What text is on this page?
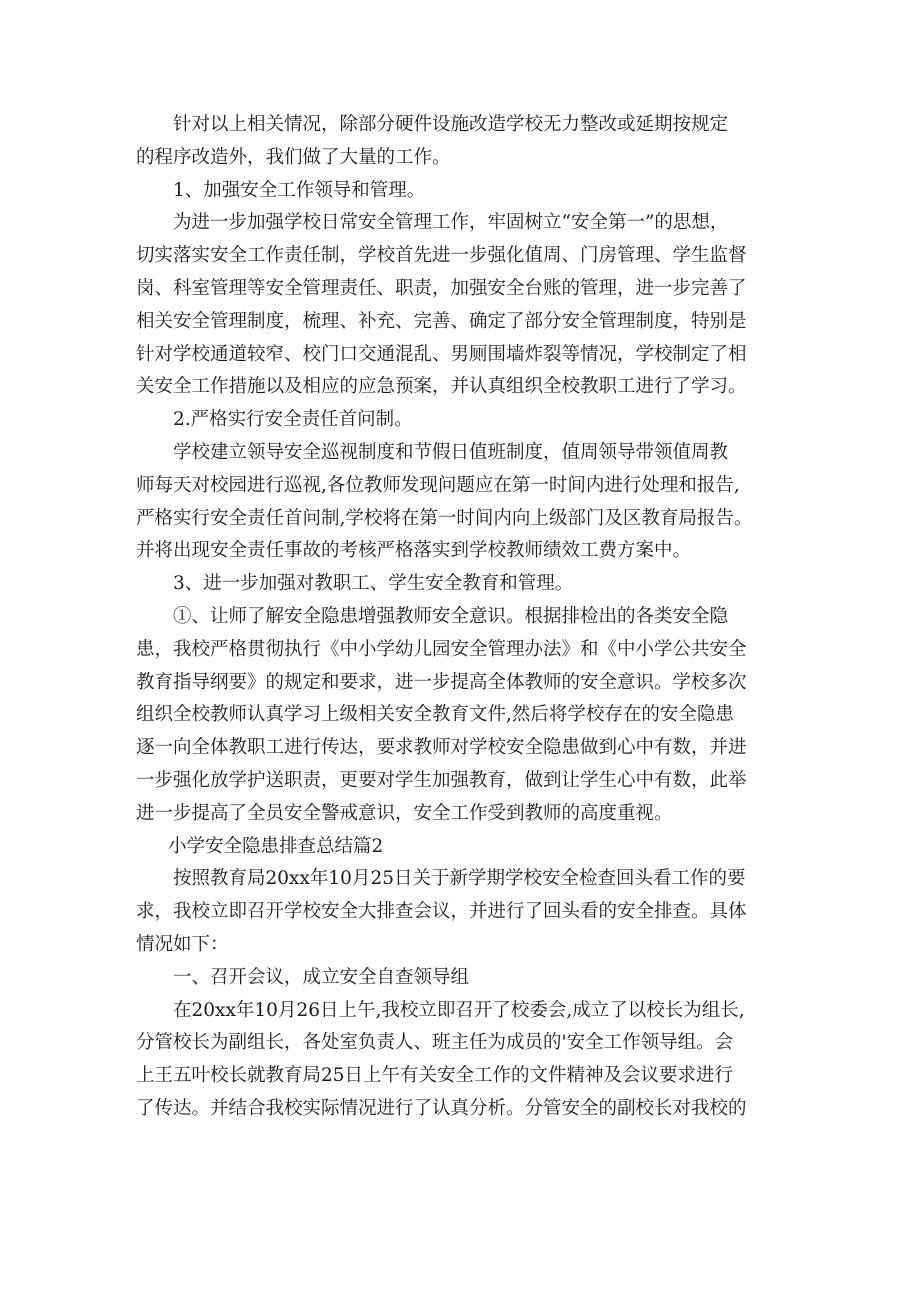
针对以上相关情况，除部分硬件设施改造学校无力整改或延期按规定
的程序改造外，我们做了大量的工作。
1、加强安全工作领导和管理。
为进一步加强学校日常安全管理工作，牢固树立“安全第一”的思想，
切实落实安全工作责任制，学校首先进一步强化值周、门房管理、学生监督
岗、科室管理等安全管理责任、职责，加强安全台账的管理，进一步完善了
相关安全管理制度，梳理、补充、完善、确定了部分安全管理制度，特别是
针对学校通道较窄、校门口交通混乱、男厕围墙炸裂等情况，学校制定了相
关安全工作措施以及相应的应急预案，并认真组织全校教职工进行了学习。
2.严格实行安全责任首问制。
学校建立领导安全巡视制度和节假日值班制度，值周领导带领值周教
师每天对校园进行巡视,各位教师发现问题应在第一时间内进行处理和报告,
严格实行安全责任首问制,学校将在第一时间内向上级部门及区教育局报告。
并将出现安全责任事故的考核严格落实到学校教师绩效工费方案中。
3、进一步加强对教职工、学生安全教育和管理。
①、让师了解安全隐患增强教师安全意识。根据排检出的各类安全隐
患，我校严格贯彻执行《中小学幼儿园安全管理办法》和《中小学公共安全
教育指导纲要》的规定和要求，进一步提高全体教师的安全意识。学校多次
组织全校教师认真学习上级相关安全教育文件,然后将学校存在的安全隐患
逐一向全体教职工进行传达，要求教师对学校安全隐患做到心中有数，并进
一步强化放学护送职责，更要对学生加强教育，做到让学生心中有数，此举
进一步提高了全员安全警戒意识，安全工作受到教师的高度重视。
小学安全隐患排查总结篇2
按照教育局20xx年10月25日关于新学期学校安全检查回头看工作的要
求，我校立即召开学校安全大排查会议，并进行了回头看的安全排查。具体
情况如下：
一、召开会议，成立安全自查领导组
在20xx年10月26日上午,我校立即召开了校委会,成立了以校长为组长,
分管校长为副组长，各处室负责人、班主任为成员的'安全工作领导组。会
上王五叶校长就教育局25日上午有关安全工作的文件精神及会议要求进行
了传达。并结合我校实际情况进行了认真分析。分管安全的副校长对我校的
